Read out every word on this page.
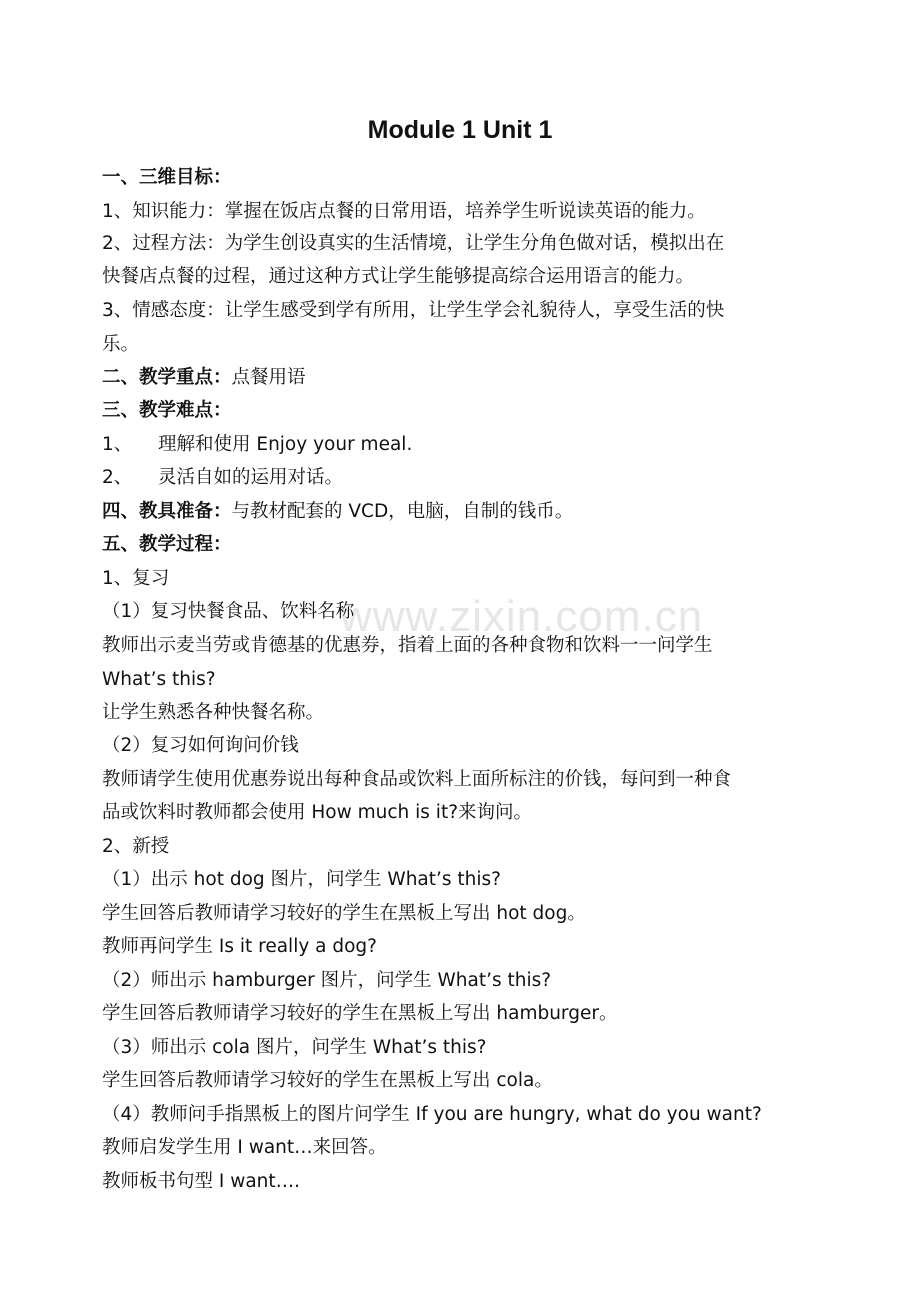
www.zixin.com.cn
Module 1 Unit 1
一、三维目标：
1、知识能力：掌握在饭店点餐的日常用语，培养学生听说读英语的能力。
2、过程方法：为学生创设真实的生活情境，让学生分角色做对话，模拟出在
快餐店点餐的过程，通过这种方式让学生能够提高综合运用语言的能力。
3、情感态度：让学生感受到学有所用，让学生学会礼貌待人，享受生活的快
乐。
二、教学重点：点餐用语
三、教学难点：
1、 理解和使用 Enjoy your meal.
2、 灵活自如的运用对话。
四、教具准备：与教材配套的 VCD，电脑，自制的钱币。
五、教学过程：
1、复习
（1）复习快餐食品、饮料名称
教师出示麦当劳或肯德基的优惠券，指着上面的各种食物和饮料一一问学生
What’s this?
让学生熟悉各种快餐名称。
（2）复习如何询问价钱
教师请学生使用优惠券说出每种食品或饮料上面所标注的价钱，每问到一种食
品或饮料时教师都会使用 How much is it?来询问。
2、新授
（1）出示 hot dog 图片，问学生 What’s this?
学生回答后教师请学习较好的学生在黑板上写出 hot dog。
教师再问学生 Is it really a dog?
（2）师出示 hamburger 图片，问学生 What’s this?
学生回答后教师请学习较好的学生在黑板上写出 hamburger。
（3）师出示 cola 图片，问学生 What’s this?
学生回答后教师请学习较好的学生在黑板上写出 cola。
（4）教师问手指黑板上的图片问学生 If you are hungry, what do you want?
教师启发学生用 I want…来回答。
教师板书句型 I want….
